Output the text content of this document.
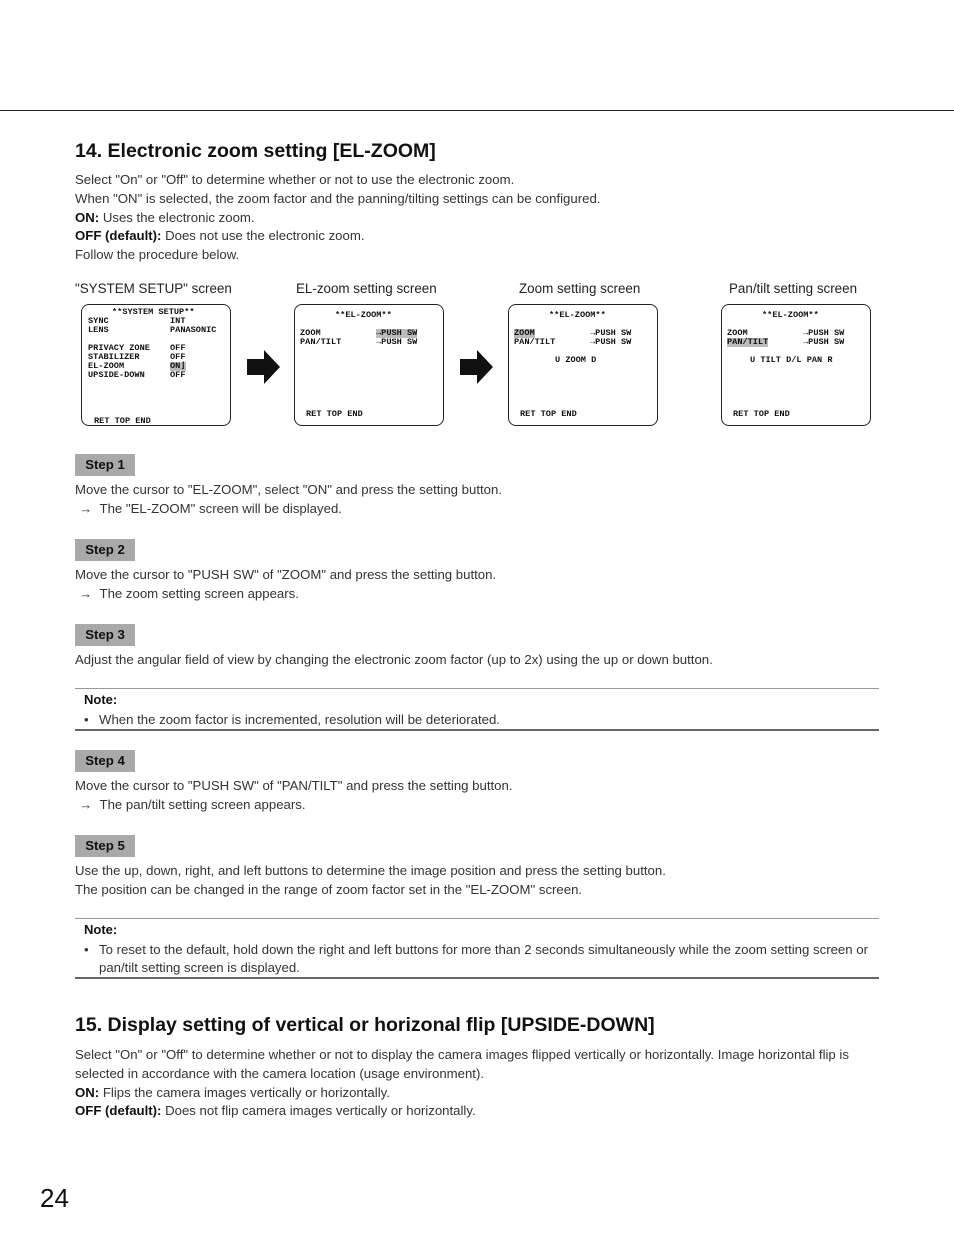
14. Electronic zoom setting [EL-ZOOM]
Select "On" or "Off" to determine whether or not to use the electronic zoom.
When "ON" is selected, the zoom factor and the panning/tilting settings can be configured.
ON: Uses the electronic zoom.
OFF (default): Does not use the electronic zoom.
Follow the procedure below.
"SYSTEM SETUP" screen	EL-zoom setting screen	Zoom setting screen	Pan/tilt setting screen
**SYSTEM SETUP**
SYNC	INT
LENS	PANASONIC
PRIVACY ZONE OFF
STABILIZER	OFF
EL-ZOOM	ON⌋
UPSIDE-DOWN	OFF
RET TOP END
**EL-ZOOM**
ZOOM	→PUSH SW
PAN/TILT	→PUSH SW
RET TOP END
**EL-ZOOM**
ZOOM	→PUSH SW
PAN/TILT	→PUSH SW
U ZOOM D
RET TOP END
**EL-ZOOM**
ZOOM	→PUSH SW
PAN/TILT	→PUSH SW
U TILT D/L PAN R
RET TOP END
Step 1
Move the cursor to "EL-ZOOM", select "ON" and press the setting button.
→ The "EL-ZOOM" screen will be displayed.
Step 2
Move the cursor to "PUSH SW" of "ZOOM" and press the setting button.
→ The zoom setting screen appears.
Step 3
Adjust the angular field of view by changing the electronic zoom factor (up to 2x) using the up or down button.
Note:
• When the zoom factor is incremented, resolution will be deteriorated.
Step 4
Move the cursor to "PUSH SW" of "PAN/TILT" and press the setting button.
→ The pan/tilt setting screen appears.
Step 5
Use the up, down, right, and left buttons to determine the image position and press the setting button.
The position can be changed in the range of zoom factor set in the "EL-ZOOM" screen.
Note:
• To reset to the default, hold down the right and left buttons for more than 2 seconds simultaneously while the zoom setting screen or pan/tilt setting screen is displayed.
15. Display setting of vertical or horizonal flip [UPSIDE-DOWN]
Select "On" or "Off" to determine whether or not to display the camera images flipped vertically or horizontally. Image horizontal flip is selected in accordance with the camera location (usage environment).
ON: Flips the camera images vertically or horizontally.
OFF (default): Does not flip camera images vertically or horizontally.
24
